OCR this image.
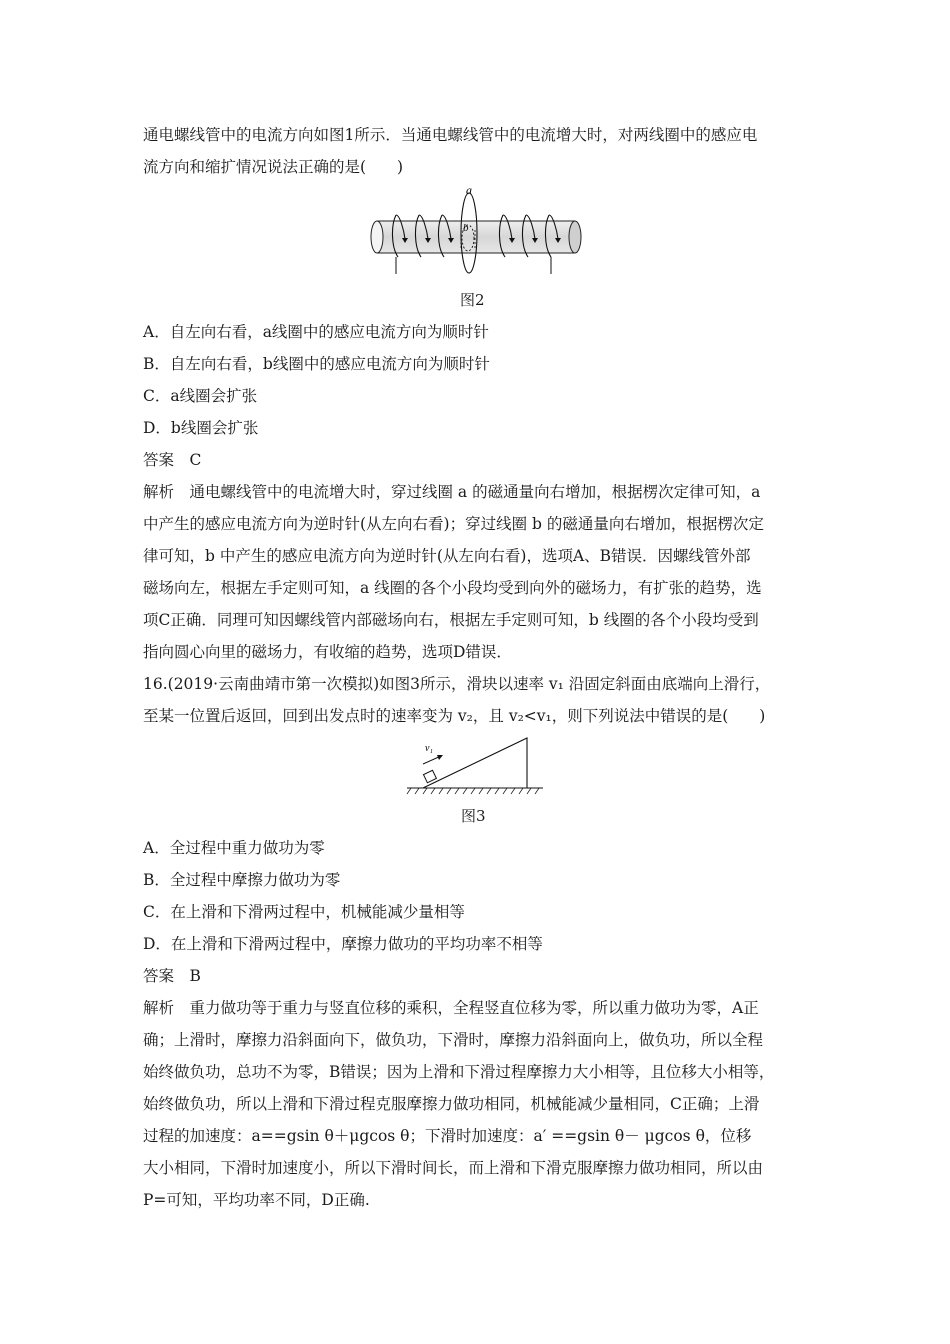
通电螺线管中的电流方向如图1所示．当通电螺线管中的电流增大时，对两线圈中的感应电
流方向和缩扩情况说法正确的是(　　)
a
b
图2
A．自左向右看，a线圈中的感应电流方向为顺时针
B．自左向右看，b线圈中的感应电流方向为顺时针
C．a线圈会扩张
D．b线圈会扩张
答案　C
解析　通电螺线管中的电流增大时，穿过线圈 a 的磁通量向右增加，根据楞次定律可知，a
中产生的感应电流方向为逆时针(从左向右看)；穿过线圈 b 的磁通量向右增加，根据楞次定
律可知，b 中产生的感应电流方向为逆时针(从左向右看)，选项A、B错误．因螺线管外部
磁场向左，根据左手定则可知，a 线圈的各个小段均受到向外的磁场力，有扩张的趋势，选
项C正确．同理可知因螺线管内部磁场向右，根据左手定则可知，b 线圈的各个小段均受到
指向圆心向里的磁场力，有收缩的趋势，选项D错误．
16.(2019·云南曲靖市第一次模拟)如图3所示，滑块以速率 v₁ 沿固定斜面由底端向上滑行，
至某一位置后返回，回到出发点时的速率变为 v₂，且 v₂<v₁，则下列说法中错误的是(　　)
v₁
图3
A．全过程中重力做功为零
B．全过程中摩擦力做功为零
C．在上滑和下滑两过程中，机械能减少量相等
D．在上滑和下滑两过程中，摩擦力做功的平均功率不相等
答案　B
解析　重力做功等于重力与竖直位移的乘积，全程竖直位移为零，所以重力做功为零，A正
确；上滑时，摩擦力沿斜面向下，做负功，下滑时，摩擦力沿斜面向上，做负功，所以全程
始终做负功，总功不为零，B错误；因为上滑和下滑过程摩擦力大小相等，且位移大小相等，
始终做负功，所以上滑和下滑过程克服摩擦力做功相同，机械能减少量相同，C正确；上滑
过程的加速度：a==gsin θ＋μgcos θ；下滑时加速度：a′ ==gsin θ－ μgcos θ，位移
大小相同，下滑时加速度小，所以下滑时间长，而上滑和下滑克服摩擦力做功相同，所以由
P=可知，平均功率不同，D正确.
